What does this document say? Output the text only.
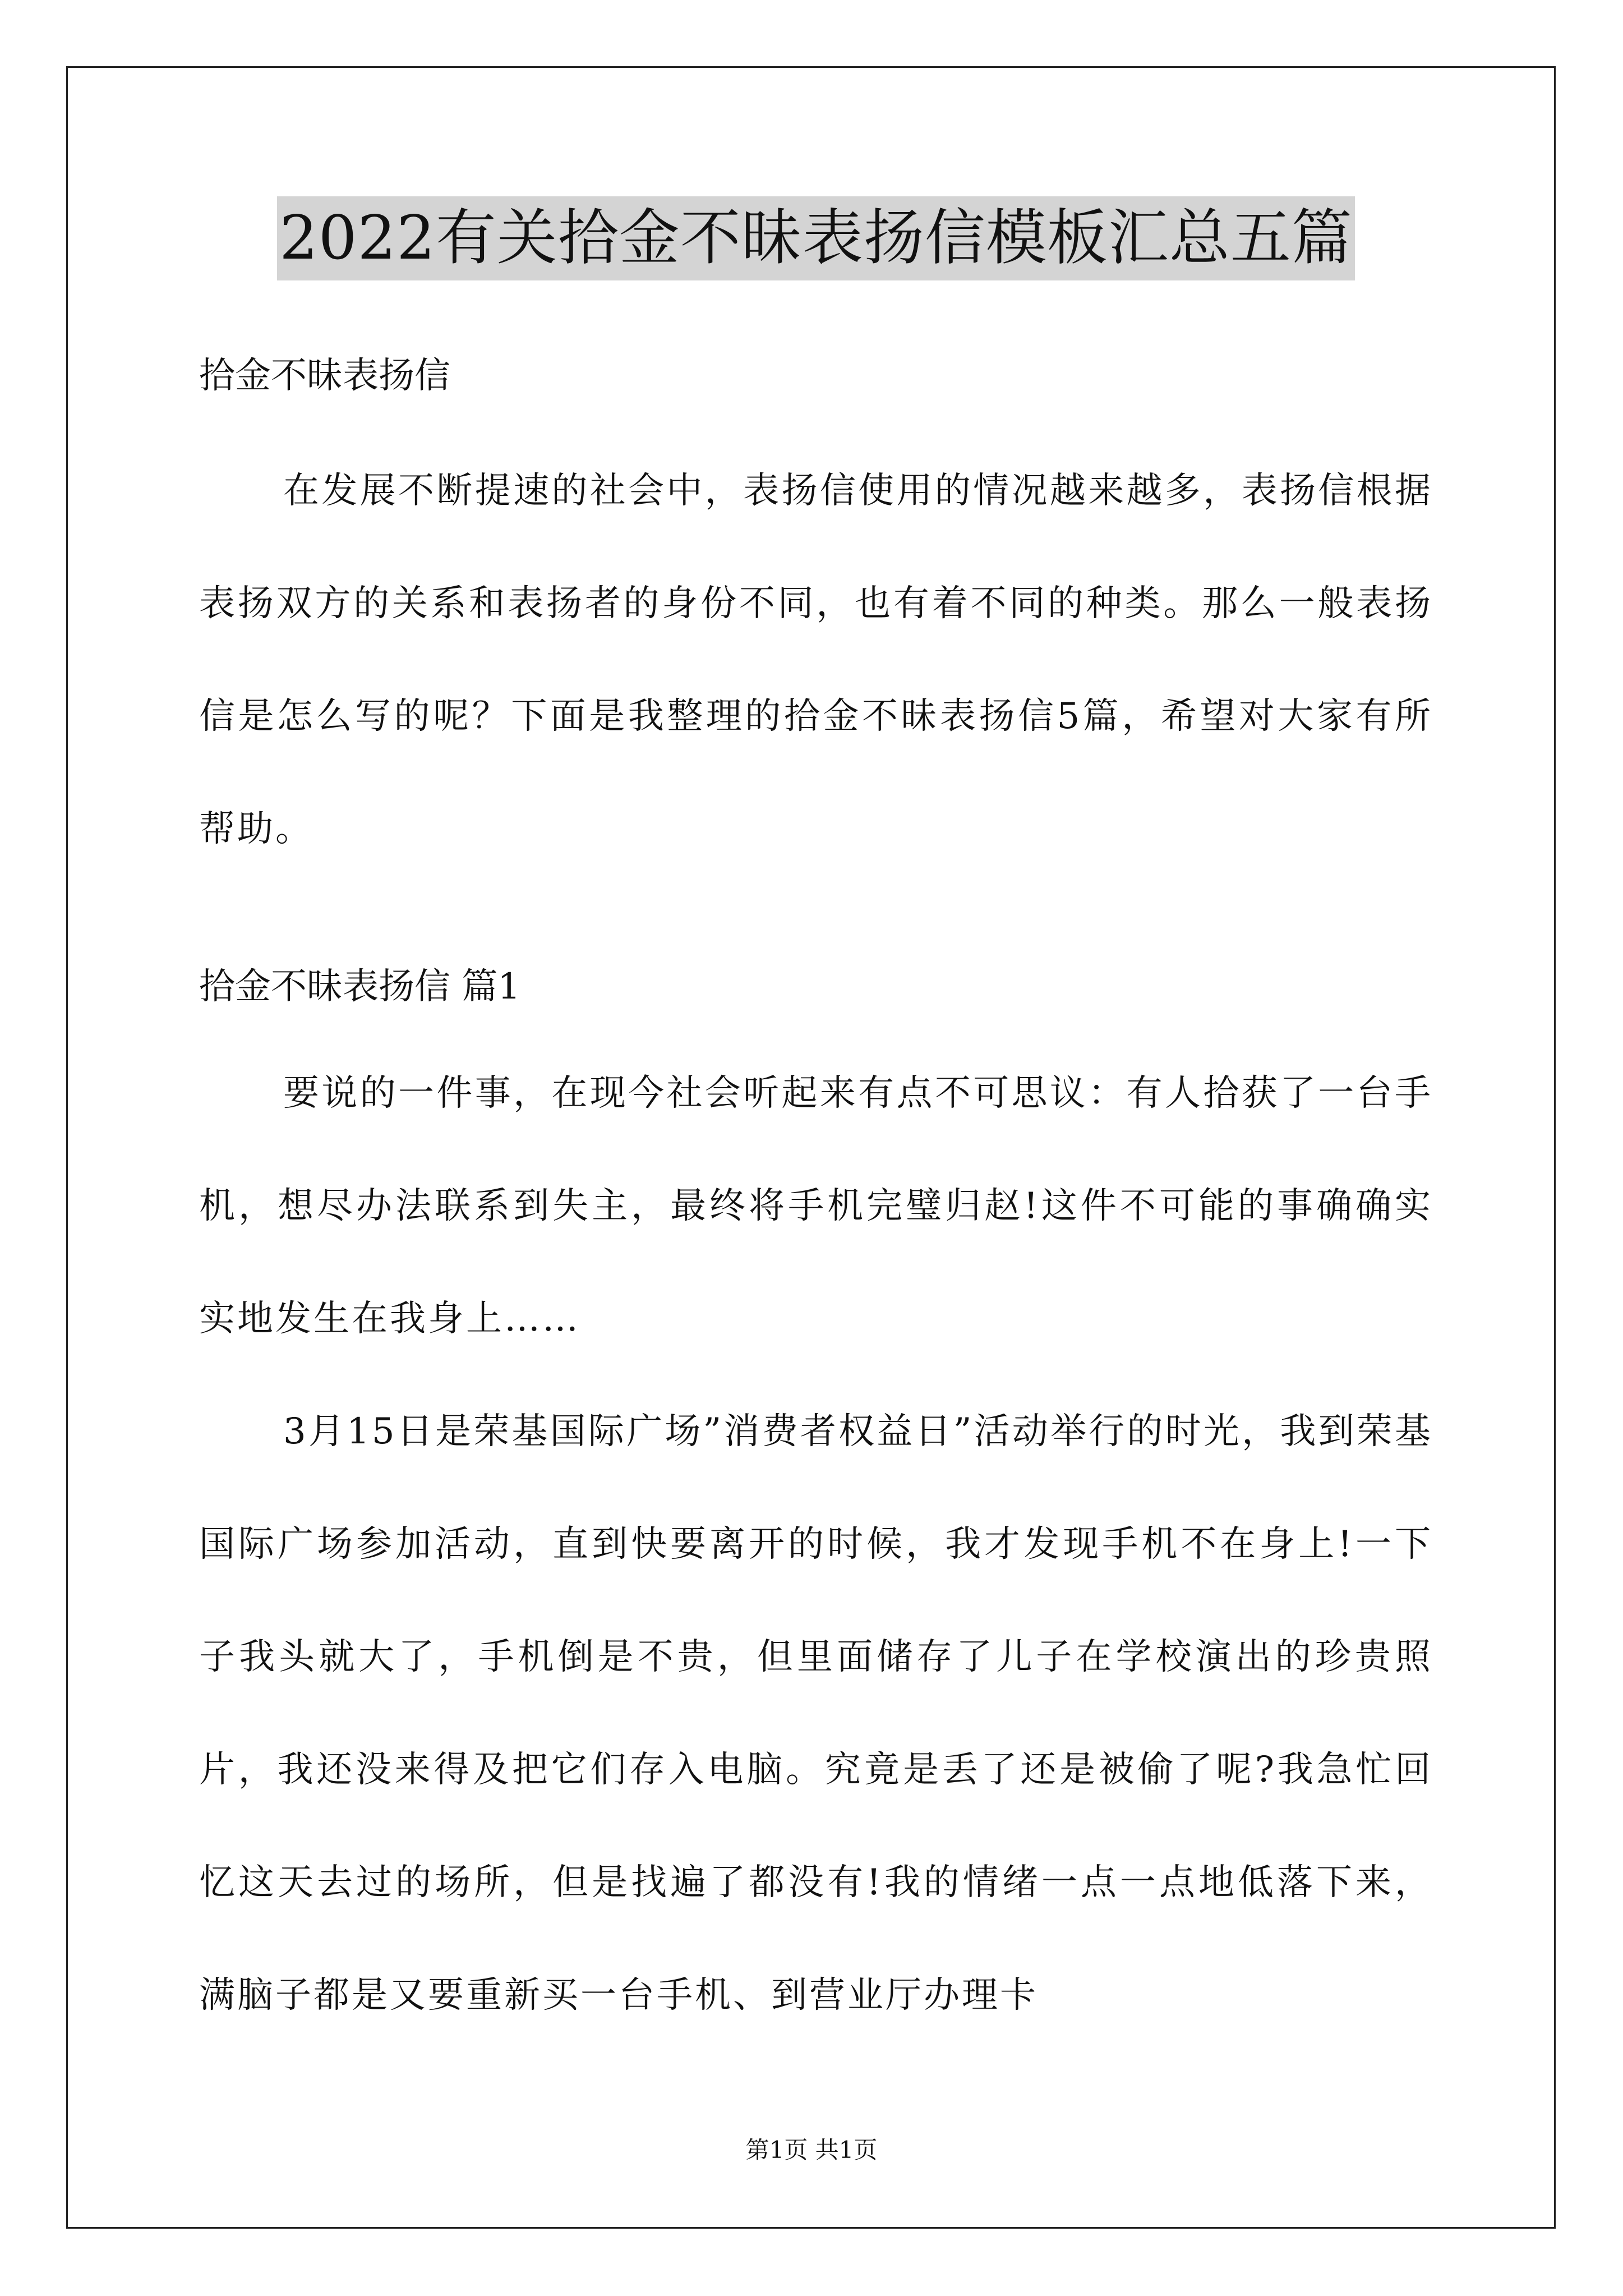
2022有关拾金不昧表扬信模板汇总五篇
拾金不昧表扬信

在发展不断提速的社会中，表扬信使用的情况越来越多，表扬信根据表扬双方的关系和表扬者的身份不同，也有着不同的种类。那么一般表扬信是怎么写的呢？下面是我整理的拾金不昧表扬信5篇，希望对大家有所帮助。

拾金不昧表扬信 篇1

要说的一件事，在现今社会听起来有点不可思议：有人拾获了一台手机，想尽办法联系到失主，最终将手机完璧归赵!这件不可能的事确确实实地发生在我身上……

3月15日是荣基国际广场”消费者权益日”活动举行的时光，我到荣基国际广场参加活动，直到快要离开的时候，我才发现手机不在身上!一下子我头就大了，手机倒是不贵，但里面储存了儿子在学校演出的珍贵照片，我还没来得及把它们存入电脑。究竟是丢了还是被偷了呢?我急忙回忆这天去过的场所，但是找遍了都没有!我的情绪一点一点地低落下来，满脑子都是又要重新买一台手机、到营业厅办理卡

第1页 共1页
